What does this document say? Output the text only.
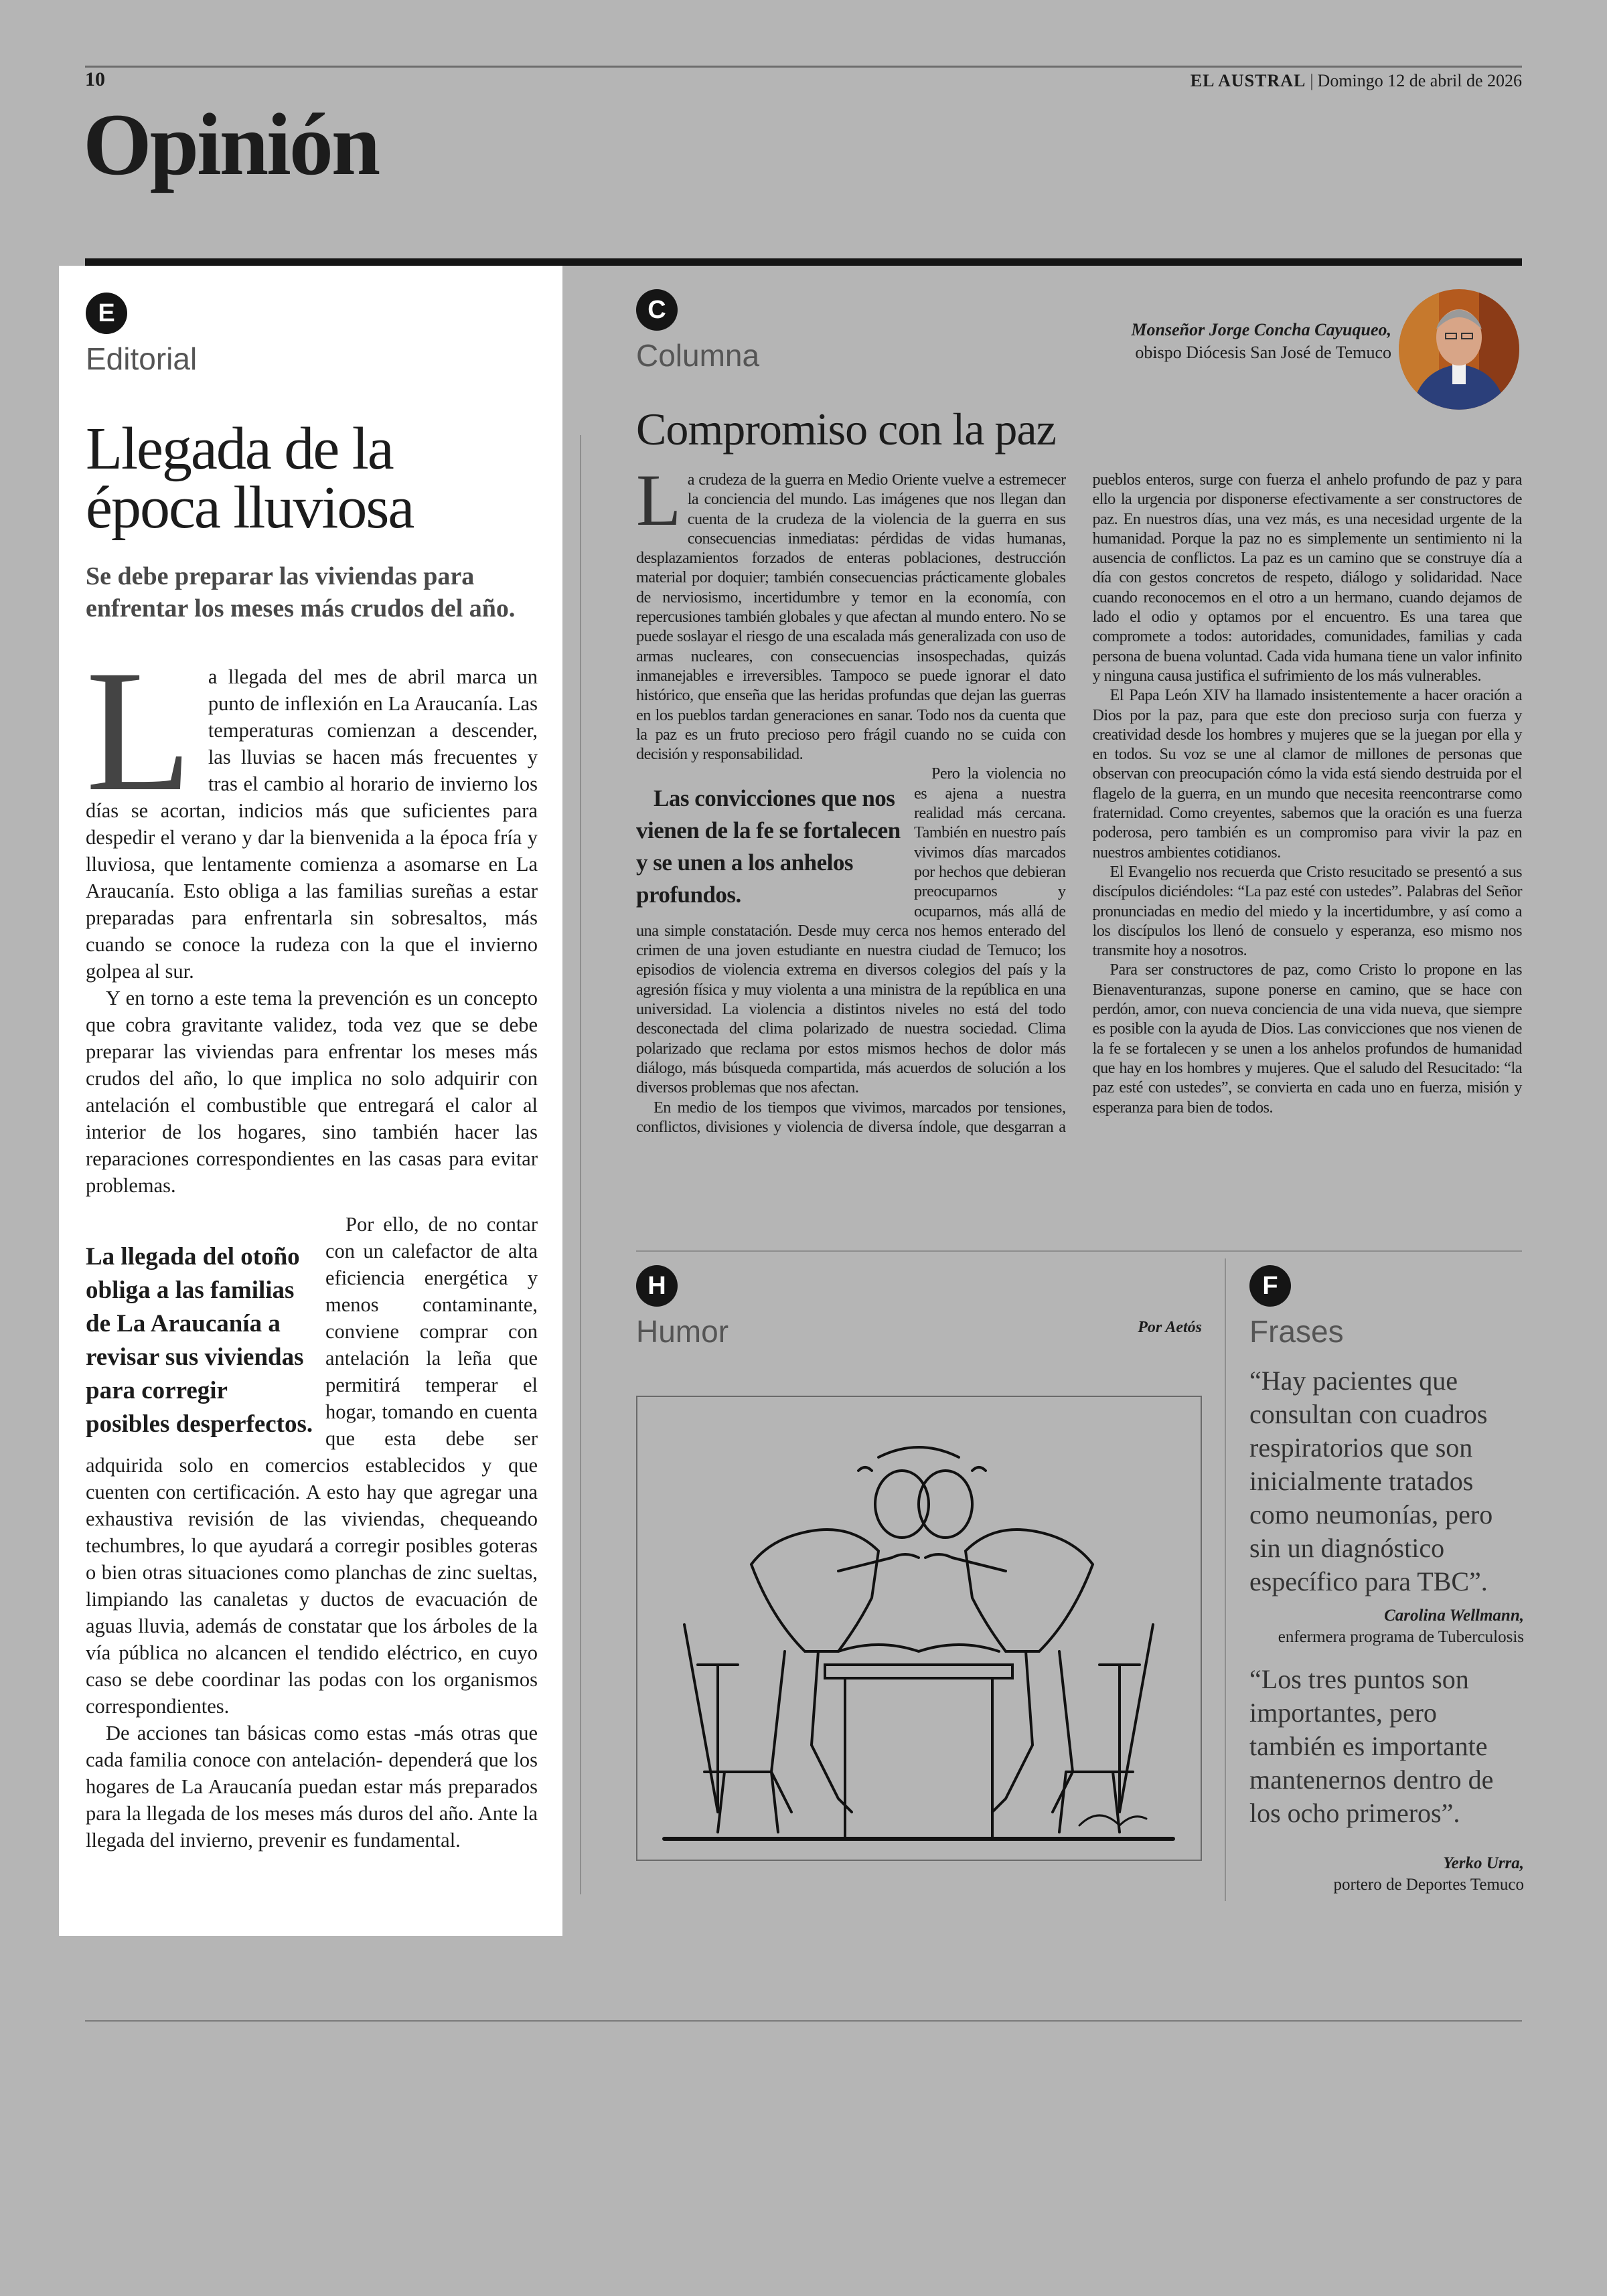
10	EL AUSTRAL | Domingo 12 de abril de 2026
Opinión
E
Editorial
Llegada de la época lluviosa
Se debe preparar las viviendas para enfrentar los meses más crudos del año.

La llegada del mes de abril marca un punto de inflexión en La Araucanía. Las temperaturas comienzan a descender, las lluvias se hacen más frecuentes y tras el cambio al horario de invierno los días se acortan, indicios más que suficientes para despedir el verano y dar la bienvenida a la época fría y lluviosa, que lentamente comienza a asomarse en La Araucanía. Esto obliga a las familias sureñas a estar preparadas para enfrentarla sin sobresaltos, más cuando se conoce la rudeza con la que el invierno golpea al sur.

Y en torno a este tema la prevención es un concepto que cobra gravitante validez, toda vez que se debe preparar las viviendas para enfrentar los meses más crudos del año, lo que implica no solo adquirir con antelación el combustible que entregará el calor al interior de los hogares, sino también hacer las reparaciones correspondientes en las casas para evitar problemas.

La llegada del otoño obliga a las familias de La Araucanía a revisar sus viviendas para corregir posibles desperfectos.

Por ello, de no contar con un calefactor de alta eficiencia energética y menos contaminante, conviene comprar con antelación la leña que permitirá temperar el hogar, tomando en cuenta que esta debe ser adquirida solo en comercios establecidos y que cuenten con certificación. A esto hay que agregar una exhaustiva revisión de las viviendas, chequeando techumbres, lo que ayudará a corregir posibles goteras o bien otras situaciones como planchas de zinc sueltas, limpiando las canaletas y ductos de evacuación de aguas lluvia, además de constatar que los árboles de la vía pública no alcancen el tendido eléctrico, en cuyo caso se debe coordinar las podas con los organismos correspondientes.

De acciones tan básicas como estas -más otras que cada familia conoce con antelación- dependerá que los hogares de La Araucanía puedan estar más preparados para la llegada de los meses más duros del año. Ante la llegada del invierno, prevenir es fundamental.

C
Columna
Compromiso con la paz
Monseñor Jorge Concha Cayuqueo,
obispo Diócesis San José de Temuco

La crudeza de la guerra en Medio Oriente vuelve a estremecer la conciencia del mundo. Las imágenes que nos llegan dan cuenta de la crudeza de la violencia de la guerra en sus consecuencias inmediatas: pérdidas de vidas humanas, desplazamientos forzados de enteras poblaciones, destrucción material por doquier; también consecuencias prácticamente globales de nerviosismo, incertidumbre y temor en la economía, con repercusiones también globales y que afectan al mundo entero. No se puede soslayar el riesgo de una escalada más generalizada con uso de armas nucleares, con consecuencias insospechadas, quizás inmanejables e irreversibles. Tampoco se puede ignorar el dato histórico, que enseña que las heridas profundas que dejan las guerras en los pueblos tardan generaciones en sanar. Todo nos da cuenta que la paz es un fruto precioso pero frágil cuando no se cuida con decisión y responsabilidad.

Las convicciones que nos vienen de la fe se fortalecen y se unen a los anhelos profundos.
Pero la violencia no es ajena a nuestra realidad más cercana. También en nuestro país vivimos días marcados por hechos que debieran preocuparnos y ocuparnos, más allá de una simple constatación. Desde muy cerca nos hemos enterado del crimen de una joven estudiante en nuestra ciudad de Temuco; los episodios de violencia extrema en diversos colegios del país y la agresión física y muy violenta a una ministra de la república en una universidad. La violencia a distintos niveles no está del todo desconectada del clima polarizado de nuestra sociedad. Clima polarizado que reclama por estos mismos hechos de dolor más diálogo, más búsqueda compartida, más acuerdos de solución a los diversos problemas que nos afectan.

En medio de los tiempos que vivimos, marcados por tensiones, conflictos, divisiones y violencia de diversa índole, que desgarran a pueblos enteros, surge con fuerza el anhelo profundo de paz y para ello la urgencia por disponerse efectivamente a ser constructores de paz. En nuestros días, una vez más, es una necesidad urgente de la humanidad. Porque la paz no es simplemente un sentimiento ni la ausencia de conflictos. La paz es un camino que se construye día a día con gestos concretos de respeto, diálogo y solidaridad. Nace cuando reconocemos en el otro a un hermano, cuando dejamos de lado el odio y optamos por el encuentro. Es una tarea que compromete a todos: autoridades, comunidades, familias y cada persona de buena voluntad. Cada vida humana tiene un valor infinito y ninguna causa justifica el sufrimiento de los más vulnerables.

El Papa León XIV ha llamado insistentemente a hacer oración a Dios por la paz, para que este don precioso surja con fuerza y creatividad desde los hombres y mujeres que se la juegan por ella y en todos. Su voz se une al clamor de millones de personas que observan con preocupación cómo la vida está siendo destruida por el flagelo de la guerra, en un mundo que necesita reencontrarse como fraternidad. Como creyentes, sabemos que la oración es una fuerza poderosa, pero también es un compromiso para vivir la paz en nuestros ambientes cotidianos.

El Evangelio nos recuerda que Cristo resucitado se presentó a sus discípulos diciéndoles: “La paz esté con ustedes”. Palabras del Señor pronunciadas en medio del miedo y la incertidumbre, y así como a los discípulos los llenó de consuelo y esperanza, eso mismo nos transmite hoy a nosotros.

Para ser constructores de paz, como Cristo lo propone en las Bienaventuranzas, supone ponerse en camino, que se hace con perdón, amor, con nueva conciencia de una vida nueva, que siempre es posible con la ayuda de Dios. Las convicciones que nos vienen de la fe se fortalecen y se unen a los anhelos profundos de humanidad que hay en los hombres y mujeres. Que el saludo del Resucitado: “la paz esté con ustedes”, se convierta en cada uno en fuerza, misión y esperanza para bien de todos.

H
Humor	Por Aetós
F
Frases
“Hay pacientes que consultan con cuadros respiratorios que son inicialmente tratados como neumonías, pero sin un diagnóstico específico para TBC”.
Carolina Wellmann,
enfermera programa de Tuberculosis
“Los tres puntos son importantes, pero también es importante mantenernos dentro de los ocho primeros”.
Yerko Urra,
portero de Deportes Temuco
